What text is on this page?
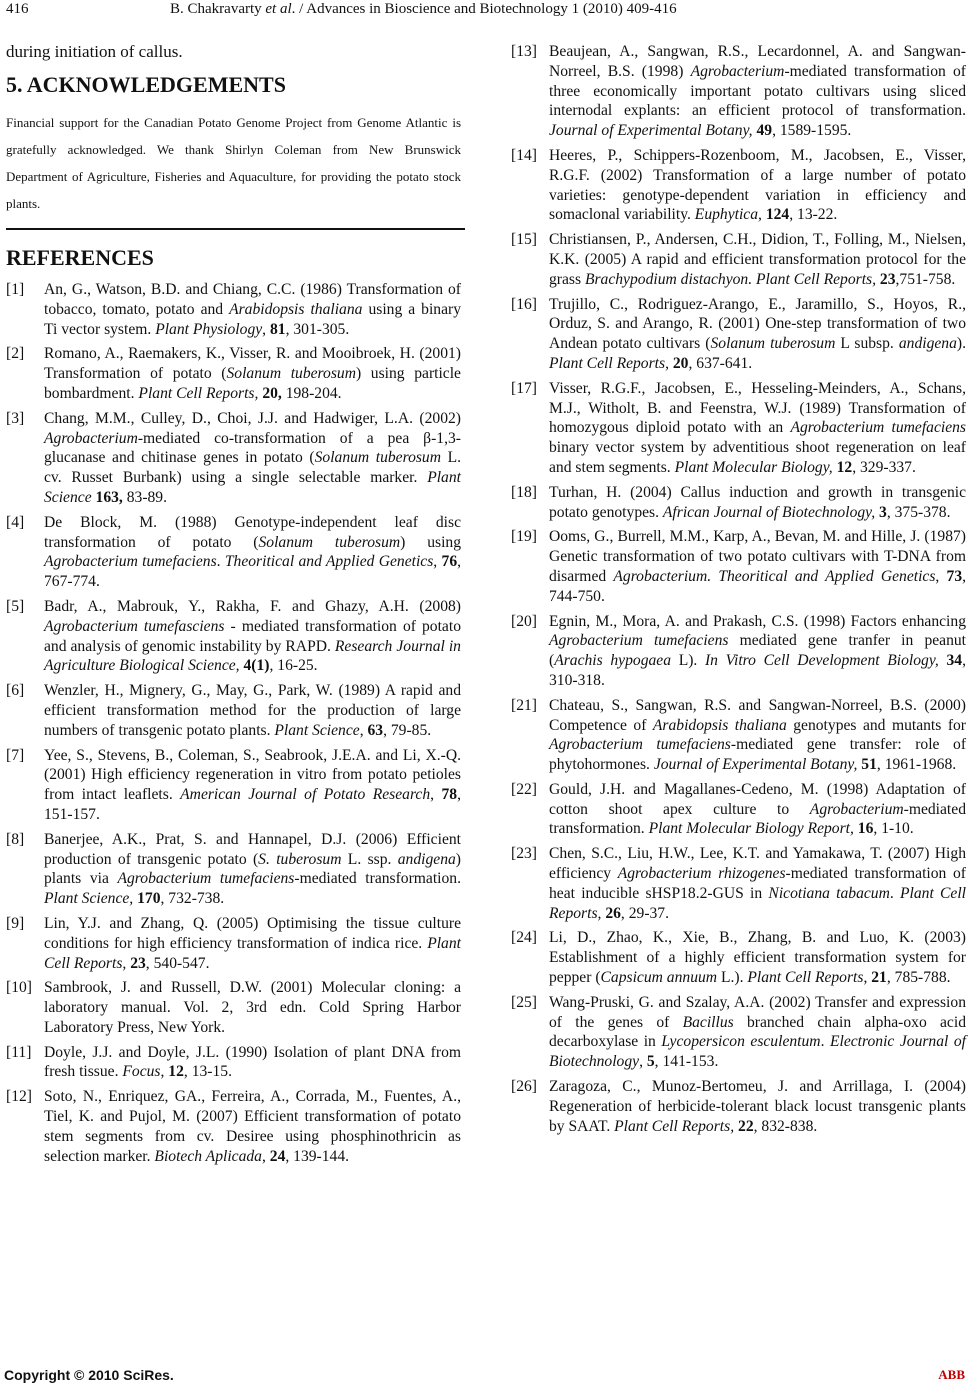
416	B. Chakravarty et al. / Advances in Bioscience and Biotechnology 1 (2010) 409-416
during initiation of callus.
5. ACKNOWLEDGEMENTS

Financial support for the Canadian Potato Genome Project from Genome Atlantic is gratefully acknowledged. We thank Shirlyn Coleman from New Brunswick Department of Agriculture, Fisheries and Aquaculture, for providing the potato stock plants.

REFERENCES
[1]	An, G., Watson, B.D. and Chiang, C.C. (1986) Transformation of tobacco, tomato, potato and Arabidopsis thaliana using a binary Ti vector system. Plant Physiology, 81, 301-305.
[2]	Romano, A., Raemakers, K., Visser, R. and Mooibroek, H. (2001) Transformation of potato (Solanum tuberosum) using particle bombardment. Plant Cell Reports, 20, 198-204.
[3]	Chang, M.M., Culley, D., Choi, J.J. and Hadwiger, L.A. (2002) Agrobacterium-mediated co-transformation of a pea β-1,3-glucanase and chitinase genes in potato (Solanum tuberosum L. cv. Russet Burbank) using a single selectable marker. Plant Science 163, 83-89.
[4]	De Block, M. (1988) Genotype-independent leaf disc transformation of potato (Solanum tuberosum) using Agrobacterium tumefaciens. Theoritical and Applied Genetics, 76, 767-774.
[5]	Badr, A., Mabrouk, Y., Rakha, F. and Ghazy, A.H. (2008) Agrobacterium tumefasciens - mediated transformation of potato and analysis of genomic instability by RAPD. Research Journal in Agriculture Biological Science, 4(1), 16-25.
[6]	Wenzler, H., Mignery, G., May, G., Park, W. (1989) A rapid and efficient transformation method for the production of large numbers of transgenic potato plants. Plant Science, 63, 79-85.
[7]	Yee, S., Stevens, B., Coleman, S., Seabrook, J.E.A. and Li, X.-Q. (2001) High efficiency regeneration in vitro from potato petioles from intact leaflets. American Journal of Potato Research, 78, 151-157.
[8]	Banerjee, A.K., Prat, S. and Hannapel, D.J. (2006) Efficient production of transgenic potato (S. tuberosum L. ssp. andigena) plants via Agrobacterium tumefaciens-mediated transformation. Plant Science, 170, 732-738.
[9]	Lin, Y.J. and Zhang, Q. (2005) Optimising the tissue culture conditions for high efficiency transformation of indica rice. Plant Cell Reports, 23, 540-547.
[10] Sambrook, J. and Russell, D.W. (2001) Molecular cloning: a laboratory manual. Vol. 2, 3rd edn. Cold Spring Harbor Laboratory Press, New York.
[11] Doyle, J.J. and Doyle, J.L. (1990) Isolation of plant DNA from fresh tissue. Focus, 12, 13-15.
[12] Soto, N., Enriquez, GA., Ferreira, A., Corrada, M., Fuentes, A., Tiel, K. and Pujol, M. (2007) Efficient transformation of potato stem segments from cv. Desiree using phosphinothricin as selection marker. Biotech Aplicada, 24, 139-144.
[13] Beaujean, A., Sangwan, R.S., Lecardonnel, A. and Sangwan-Norreel, B.S. (1998) Agrobacterium-mediated transformation of three economically important potato cultivars using sliced internodal explants: an efficient protocol of transformation. Journal of Experimental Botany, 49, 1589-1595.
[14] Heeres, P., Schippers-Rozenboom, M., Jacobsen, E., Visser, R.G.F. (2002) Transformation of a large number of potato varieties: genotype-dependent variation in efficiency and somaclonal variability. Euphytica, 124, 13-22.
[15] Christiansen, P., Andersen, C.H., Didion, T., Folling, M., Nielsen, K.K. (2005) A rapid and efficient transformation protocol for the grass Brachypodium distachyon. Plant Cell Reports, 23,751-758.
[16] Trujillo, C., Rodriguez-Arango, E., Jaramillo, S., Hoyos, R., Orduz, S. and Arango, R. (2001) One-step transformation of two Andean potato cultivars (Solanum tuberosum L subsp. andigena). Plant Cell Reports, 20, 637-641.
[17] Visser, R.G.F., Jacobsen, E., Hesseling-Meinders, A., Schans, M.J., Witholt, B. and Feenstra, W.J. (1989) Transformation of homozygous diploid potato with an Agrobacterium tumefaciens binary vector system by adventitious shoot regeneration on leaf and stem segments. Plant Molecular Biology, 12, 329-337.
[18] Turhan, H. (2004) Callus induction and growth in transgenic potato genotypes. African Journal of Biotechnology, 3, 375-378.
[19] Ooms, G., Burrell, M.M., Karp, A., Bevan, M. and Hille, J. (1987) Genetic transformation of two potato cultivars with T-DNA from disarmed Agrobacterium. Theoritical and Applied Genetics, 73, 744-750.
[20] Egnin, M., Mora, A. and Prakash, C.S. (1998) Factors enhancing Agrobacterium tumefaciens mediated gene tranfer in peanut (Arachis hypogaea L). In Vitro Cell Development Biology, 34, 310-318.
[21] Chateau, S., Sangwan, R.S. and Sangwan-Norreel, B.S. (2000) Competence of Arabidopsis thaliana genotypes and mutants for Agrobacterium tumefaciens-mediated gene transfer: role of phytohormones. Journal of Experimental Botany, 51, 1961-1968.
[22] Gould, J.H. and Magallanes-Cedeno, M. (1998) Adaptation of cotton shoot apex culture to Agrobacterium-mediated transformation. Plant Molecular Biology Report, 16, 1-10.
[23] Chen, S.C., Liu, H.W., Lee, K.T. and Yamakawa, T. (2007) High efficiency Agrobacterium rhizogenes-mediated transformation of heat inducible sHSP18.2-GUS in Nicotiana tabacum. Plant Cell Reports, 26, 29-37.
[24] Li, D., Zhao, K., Xie, B., Zhang, B. and Luo, K. (2003) Establishment of a highly efficient transformation system for pepper (Capsicum annuum L.). Plant Cell Reports, 21, 785-788.
[25] Wang-Pruski, G. and Szalay, A.A. (2002) Transfer and expression of the genes of Bacillus branched chain alpha-oxo acid decarboxylase in Lycopersicon esculentum. Electronic Journal of Biotechnology, 5, 141-153.
[26] Zaragoza, C., Munoz-Bertomeu, J. and Arrillaga, I. (2004) Regeneration of herbicide-tolerant black locust transgenic plants by SAAT. Plant Cell Reports, 22, 832-838.
Copyright © 2010 SciRes.	ABB
